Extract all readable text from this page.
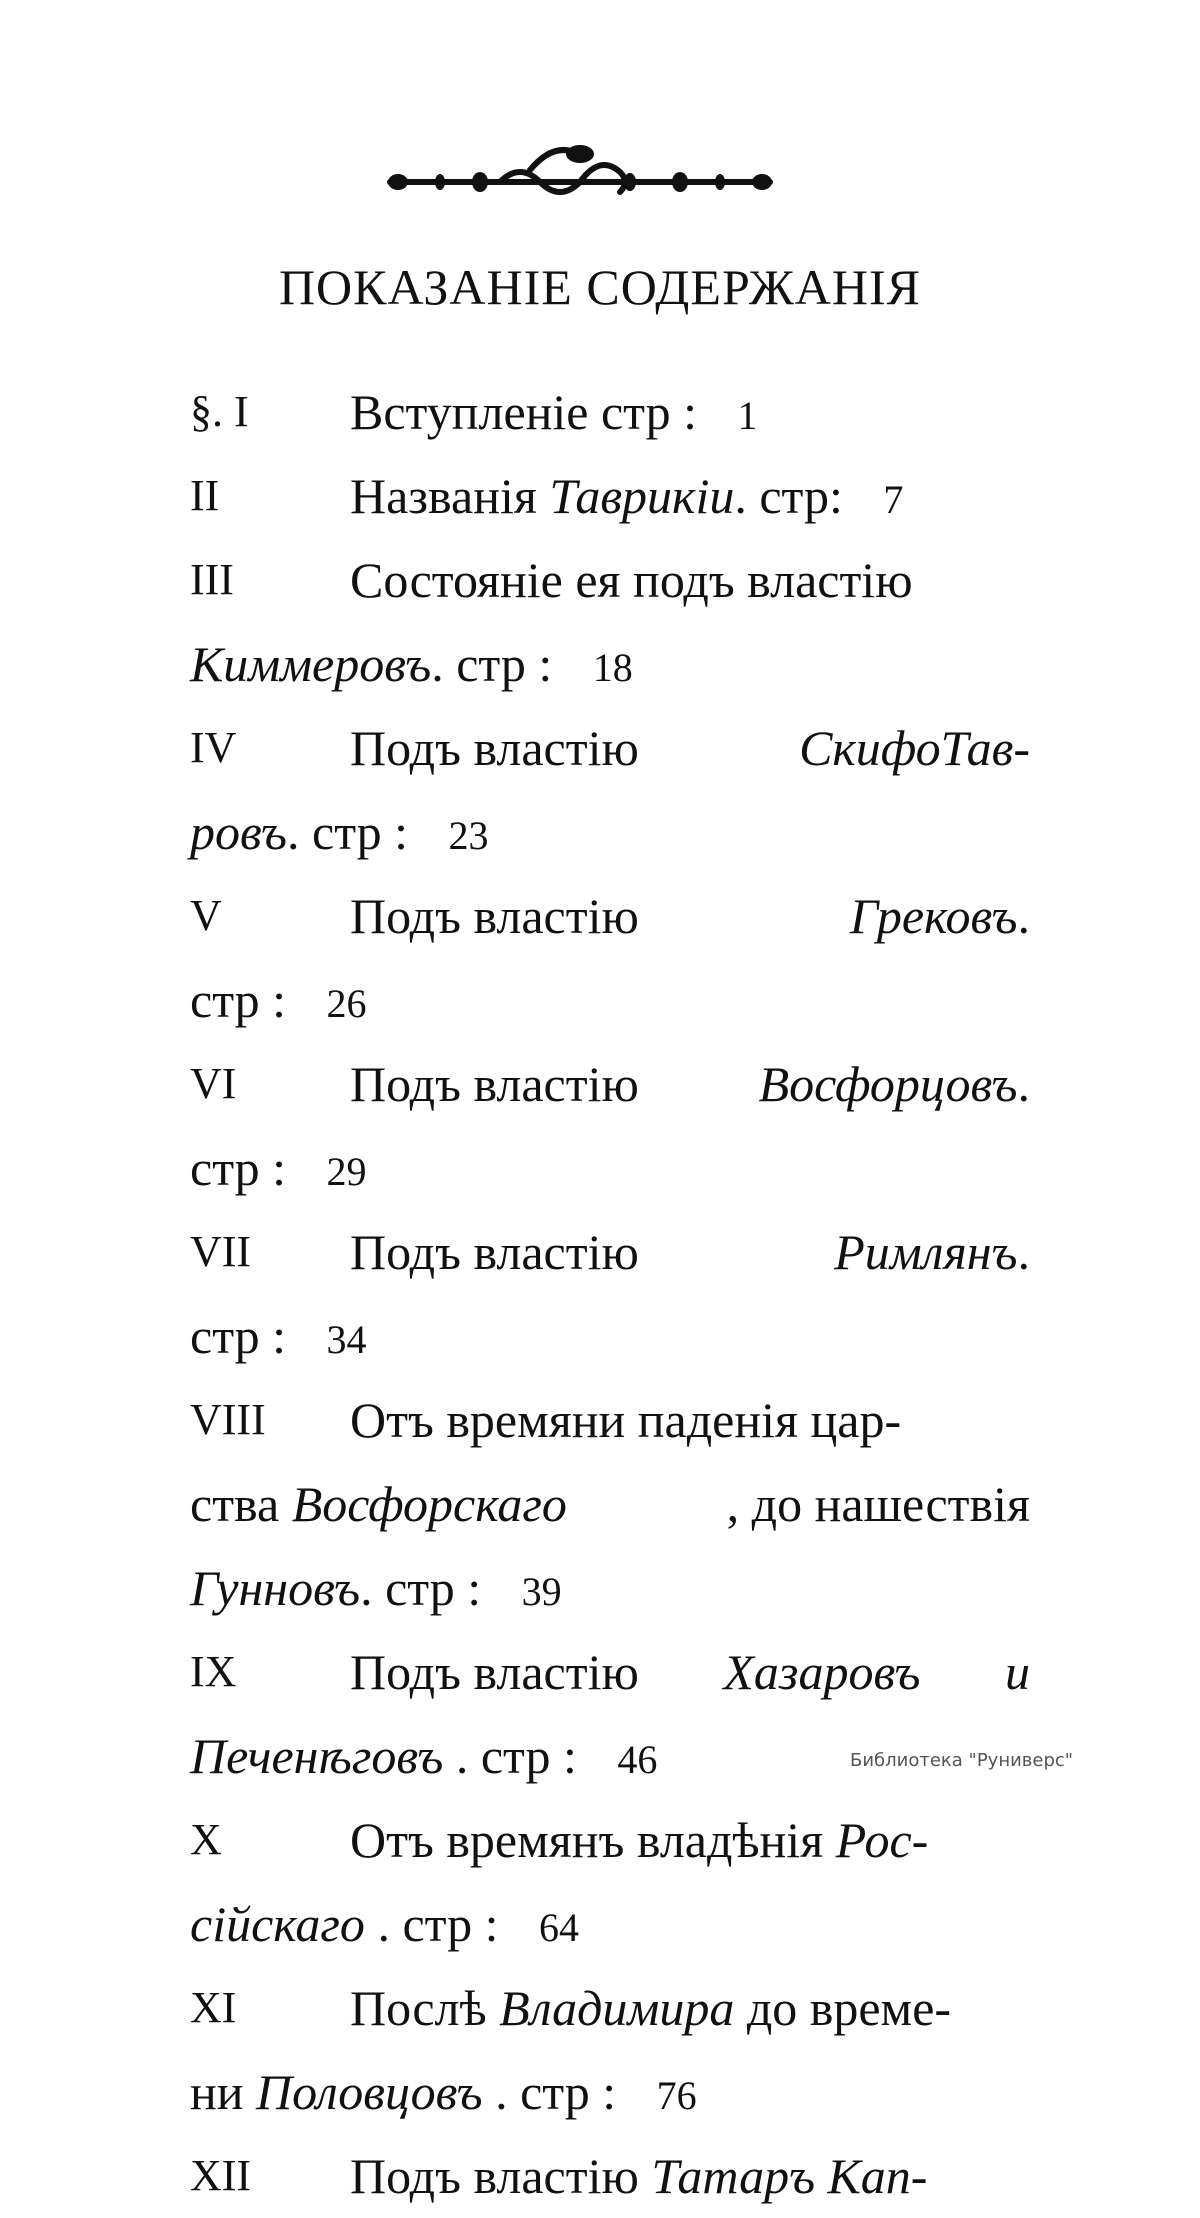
ПОКАЗАНІЕ СОДЕРЖАНІЯ
§. I Вступленіе стр : 1
II	Названія Таврикіи. стр: 7
III Состояніе ея подъ властію
Киммеровъ. стр : 18
IV Подъ властію	СкифоТав-
ровъ. стр : 23
V	Подъ властію	Грековъ.
стр : 26
VI Подъ властію Восфорцовъ.
стр : 29
VII Подъ властію	Римлянъ.
стр : 34
VIII Отъ времяни паденія цар-
ства Восфорскаго	, до нашествія
Гунновъ. стр : 39
IX Подъ властію Хазаровъ и
Печенѣговъ . стр : 46
X	Отъ времянъ владѣнія Рос-
сійскаго . стр : 64
XI Послѣ Владимира до време-
ни Половцовъ . стр : 76
XII Подъ властію Татаръ Кап-
Библиотека "Руниверс"
